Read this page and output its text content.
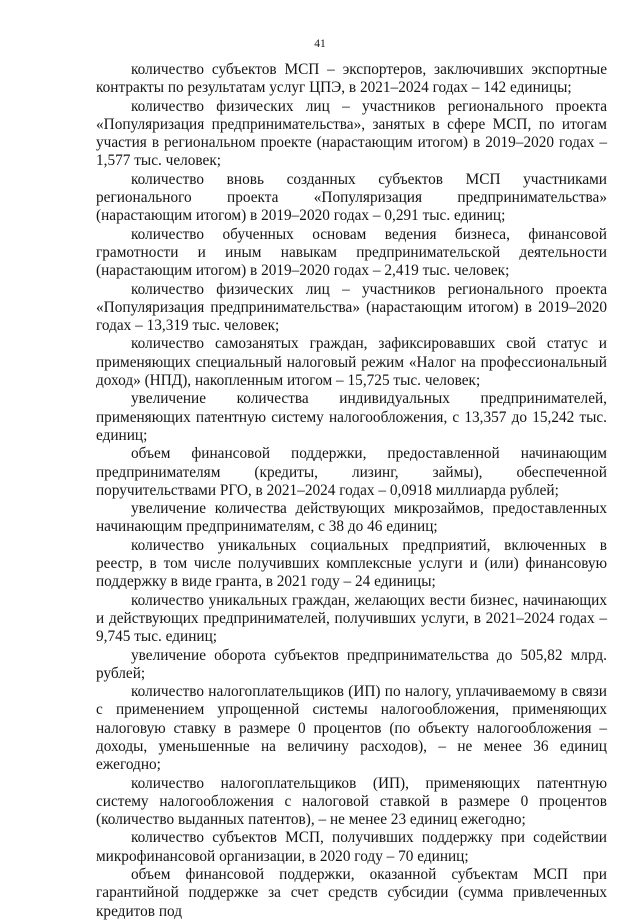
41

количество субъектов МСП – экспортеров, заключивших экспортные контракты по результатам услуг ЦПЭ, в 2021–2024 годах – 142 единицы;

количество физических лиц – участников регионального проекта «Популяризация предпринимательства», занятых в сфере МСП, по итогам участия в региональном проекте (нарастающим итогом) в 2019–2020 годах – 1,577 тыс. человек;

количество вновь созданных субъектов МСП участниками регионального проекта «Популяризация предпринимательства» (нарастающим итогом) в 2019–2020 годах – 0,291 тыс. единиц;

количество обученных основам ведения бизнеса, финансовой грамотности и иным навыкам предпринимательской деятельности (нарастающим итогом) в 2019–2020 годах – 2,419 тыс. человек;

количество физических лиц – участников регионального проекта «Популяризация предпринимательства» (нарастающим итогом) в 2019–2020 годах – 13,319 тыс. человек;

количество самозанятых граждан, зафиксировавших свой статус и применяющих специальный налоговый режим «Налог на профессиональный доход» (НПД), накопленным итогом – 15,725 тыс. человек;

увеличение количества индивидуальных предпринимателей, применяющих патентную систему налогообложения, с 13,357 до 15,242 тыс. единиц;

объем финансовой поддержки, предоставленной начинающим предпринимателям (кредиты, лизинг, займы), обеспеченной поручительствами РГО, в 2021–2024 годах – 0,0918 миллиарда рублей;

увеличение количества действующих микрозаймов, предоставленных начинающим предпринимателям, с 38 до 46 единиц;

количество уникальных социальных предприятий, включенных в реестр, в том числе получивших комплексные услуги и (или) финансовую поддержку в виде гранта, в 2021 году – 24 единицы;

количество уникальных граждан, желающих вести бизнес, начинающих и действующих предпринимателей, получивших услуги, в 2021–2024 годах – 9,745 тыс. единиц;

увеличение оборота субъектов предпринимательства до 505,82 млрд. рублей;

количество налогоплательщиков (ИП) по налогу, уплачиваемому в связи с применением упрощенной системы налогообложения, применяющих налоговую ставку в размере 0 процентов (по объекту налогообложения – доходы, уменьшенные на величину расходов), – не менее 36 единиц ежегодно;

количество налогоплательщиков (ИП), применяющих патентную систему налогообложения с налоговой ставкой в размере 0 процентов (количество выданных патентов), – не менее 23 единиц ежегодно;

количество субъектов МСП, получивших поддержку при содействии микрофинансовой организации, в 2020 году – 70 единиц;

объем финансовой поддержки, оказанной субъектам МСП при гарантийной поддержке за счет средств субсидии (сумма привлеченных кредитов под
